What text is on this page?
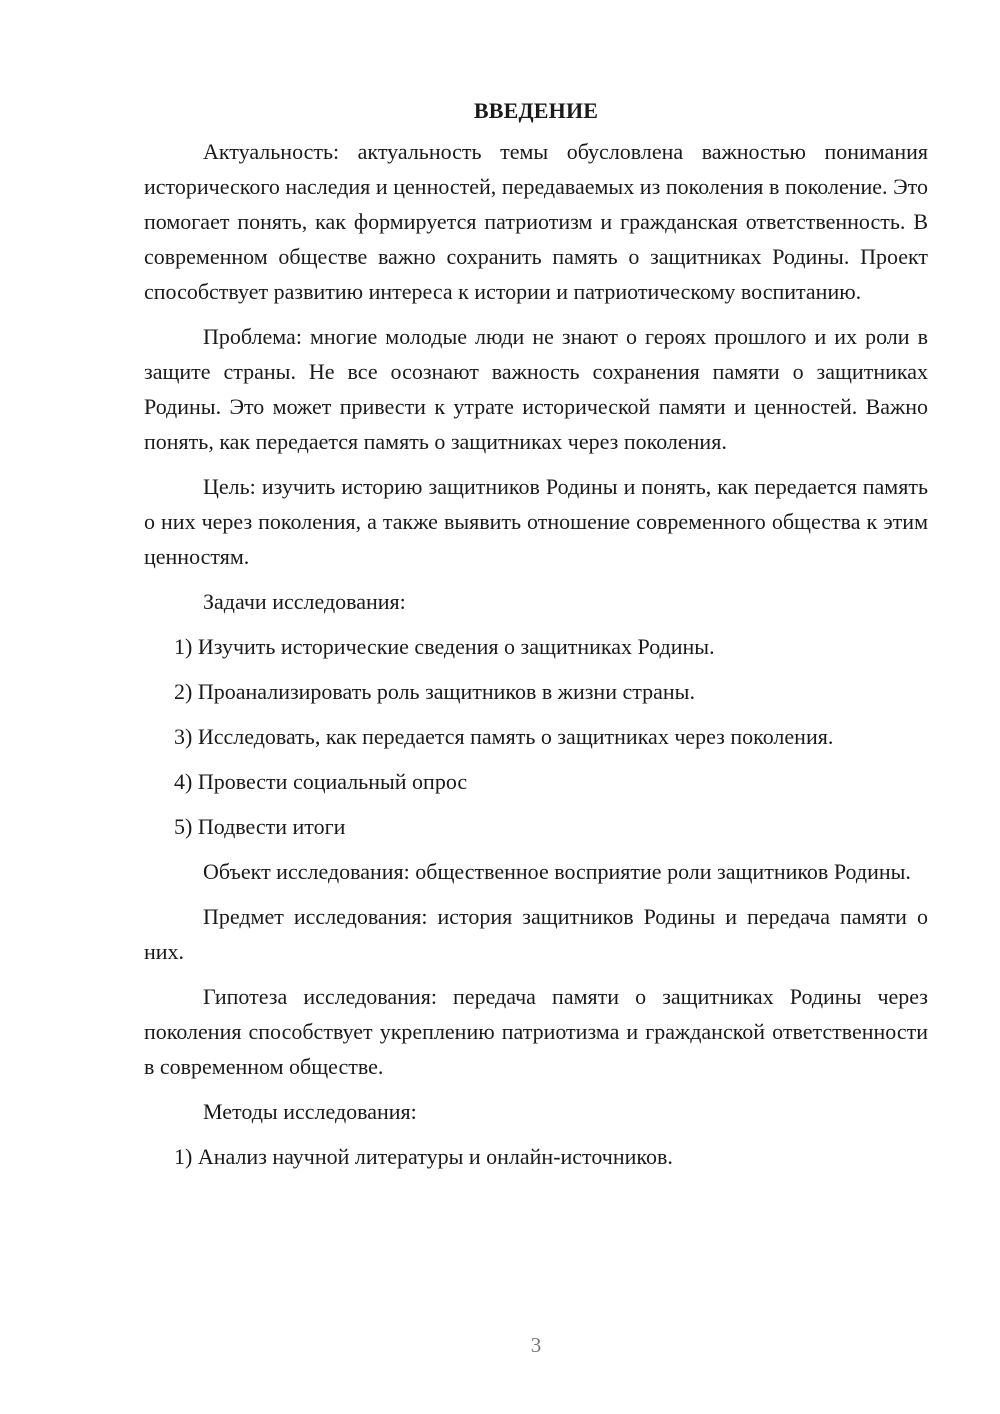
ВВЕДЕНИЕ

Актуальность: актуальность темы обусловлена важностью понимания исторического наследия и ценностей, передаваемых из поколения в поколение. Это помогает понять, как формируется патриотизм и гражданская ответственность. В современном обществе важно сохранить память о защитниках Родины. Проект способствует развитию интереса к истории и патриотическому воспитанию.

Проблема: многие молодые люди не знают о героях прошлого и их роли в защите страны. Не все осознают важность сохранения памяти о защитниках Родины. Это может привести к утрате исторической памяти и ценностей. Важно понять, как передается память о защитниках через поколения.

Цель: изучить историю защитников Родины и понять, как передается память о них через поколения, а также выявить отношение современного общества к этим ценностям.

Задачи исследования:

1) Изучить исторические сведения о защитниках Родины.
2) Проанализировать роль защитников в жизни страны.
3) Исследовать, как передается память о защитниках через поколения.
4) Провести социальный опрос
5) Подвести итоги

Объект исследования: общественное восприятие роли защитников Родины.

Предмет исследования: история защитников Родины и передача памяти о них.

Гипотеза исследования: передача памяти о защитниках Родины через поколения способствует укреплению патриотизма и гражданской ответственности в современном обществе.

Методы исследования:

1) Анализ научной литературы и онлайн-источников.
3
